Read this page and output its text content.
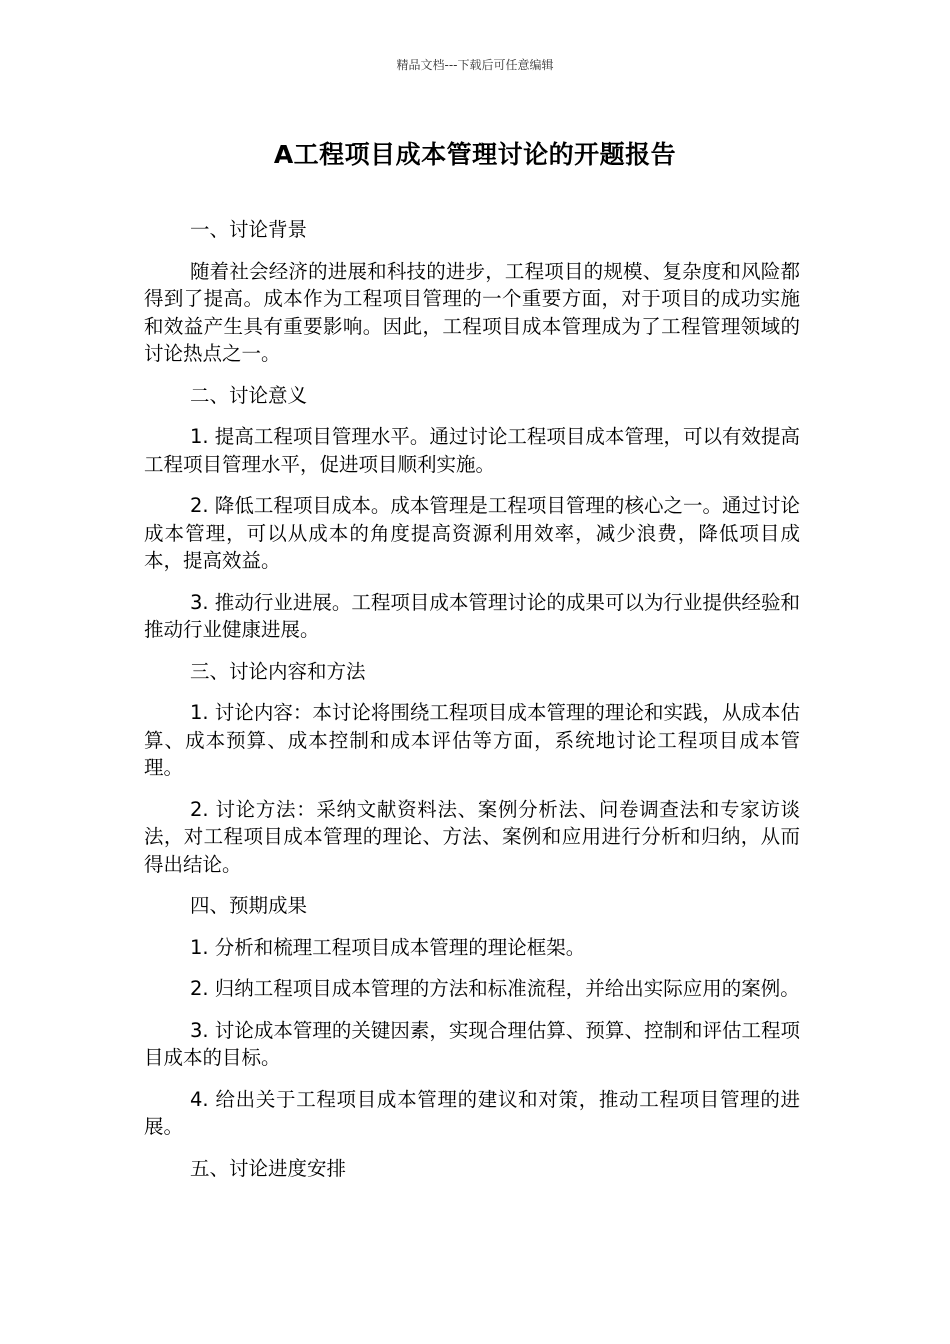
精品文档---下载后可任意编辑
A工程项目成本管理讨论的开题报告

一、讨论背景

随着社会经济的进展和科技的进步，工程项目的规模、复杂度和风险都得到了提高。成本作为工程项目管理的一个重要方面，对于项目的成功实施和效益产生具有重要影响。因此，工程项目成本管理成为了工程管理领域的讨论热点之一。

二、讨论意义

1. 提高工程项目管理水平。通过讨论工程项目成本管理，可以有效提高工程项目管理水平，促进项目顺利实施。

2. 降低工程项目成本。成本管理是工程项目管理的核心之一。通过讨论成本管理，可以从成本的角度提高资源利用效率，减少浪费，降低项目成本，提高效益。

3. 推动行业进展。工程项目成本管理讨论的成果可以为行业提供经验和推动行业健康进展。

三、讨论内容和方法

1. 讨论内容：本讨论将围绕工程项目成本管理的理论和实践，从成本估算、成本预算、成本控制和成本评估等方面，系统地讨论工程项目成本管理。

2. 讨论方法：采纳文献资料法、案例分析法、问卷调查法和专家访谈法，对工程项目成本管理的理论、方法、案例和应用进行分析和归纳，从而得出结论。

四、预期成果

1. 分析和梳理工程项目成本管理的理论框架。

2. 归纳工程项目成本管理的方法和标准流程，并给出实际应用的案例。

3. 讨论成本管理的关键因素，实现合理估算、预算、控制和评估工程项目成本的目标。

4. 给出关于工程项目成本管理的建议和对策，推动工程项目管理的进展。

五、讨论进度安排
